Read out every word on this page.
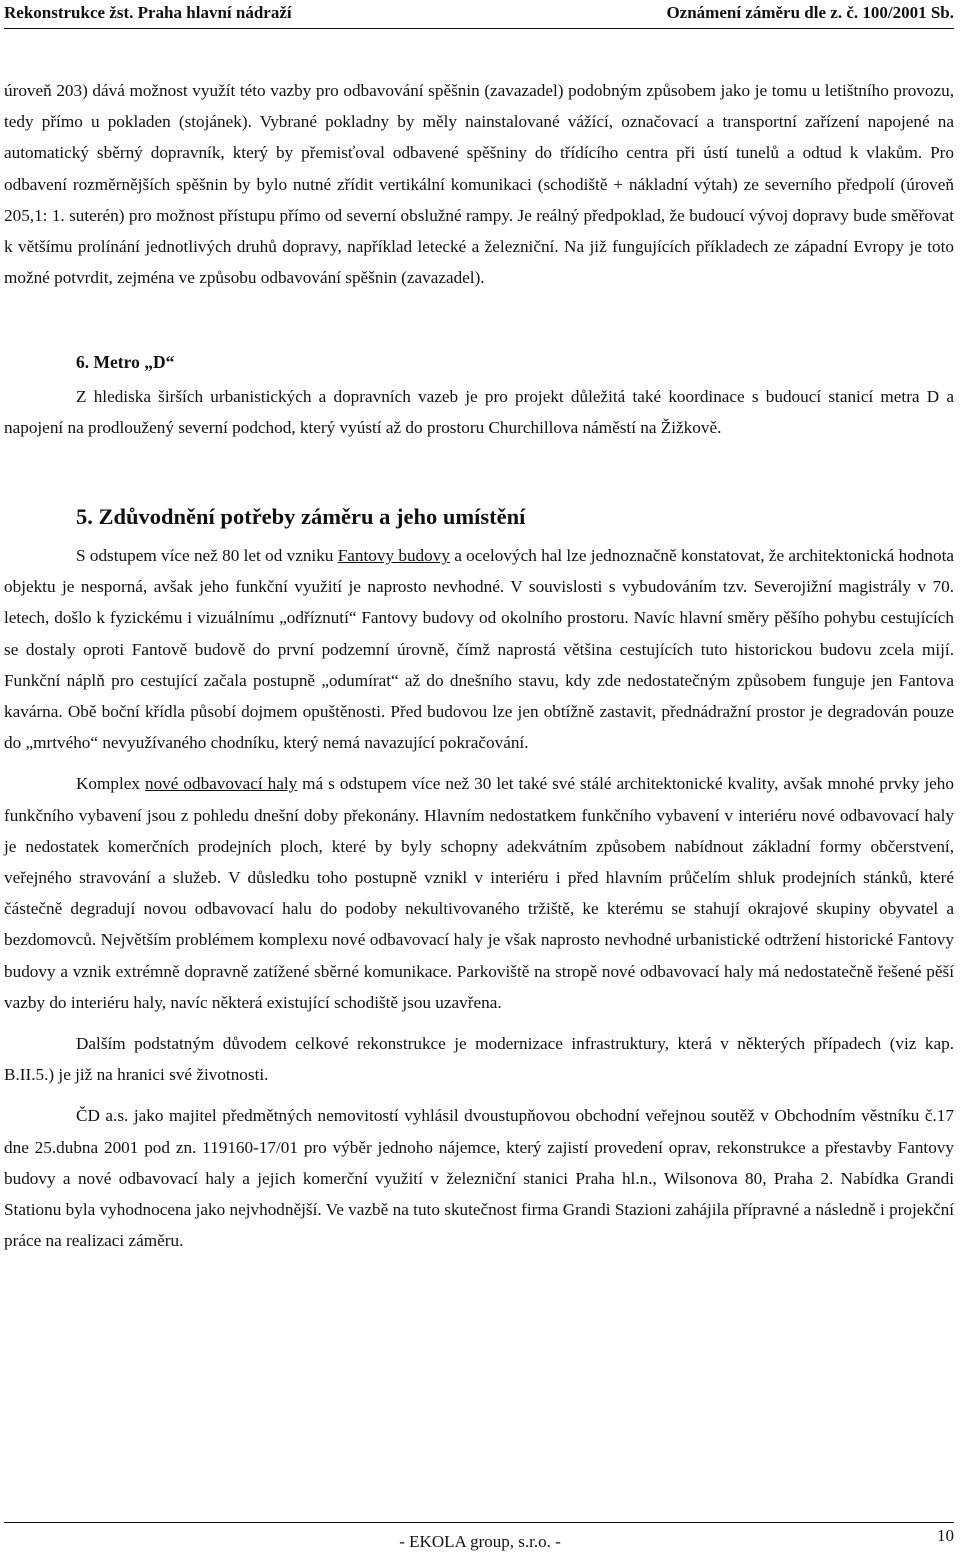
Rekonstrukce žst. Praha hlavní nádraží	Oznámení záměru dle z. č. 100/2001 Sb.

úroveň 203) dává možnost využít této vazby pro odbavování spěšnin (zavazadel) podobným způsobem jako je tomu u letištního provozu, tedy přímo u pokladen (stojánek). Vybrané pokladny by měly nainstalované vážící, označovací a transportní zařízení napojené na automatický sběrný dopravník, který by přemisťoval odbavené spěšniny do třídícího centra při ústí tunelů a odtud k vlakům. Pro odbavení rozměrnějších spěšnin by bylo nutné zřídit vertikální komunikaci (schodiště + nákladní výtah) ze severního předpolí (úroveň 205,1: 1. suterén) pro možnost přístupu přímo od severní obslužné rampy. Je reálný předpoklad, že budoucí vývoj dopravy bude směřovat k většímu prolínání jednotlivých druhů dopravy, například letecké a železniční. Na již fungujících příkladech ze západní Evropy je toto možné potvrdit, zejména ve způsobu odbavování spěšnin (zavazadel).

6. Metro „D“

Z hlediska širších urbanistických a dopravních vazeb je pro projekt důležitá také koordinace s budoucí stanicí metra D a napojení na prodloužený severní podchod, který vyústí až do prostoru Churchillova náměstí na Žižkově.

5. Zdůvodnění potřeby záměru a jeho umístění

S odstupem více než 80 let od vzniku Fantovy budovy a ocelových hal lze jednoznačně konstatovat, že architektonická hodnota objektu je nesporná, avšak jeho funkční využití je naprosto nevhodné. V souvislosti s vybudováním tzv. Severojižní magistrály v 70. letech, došlo k fyzickému i vizuálnímu „odříznutí“ Fantovy budovy od okolního prostoru. Navíc hlavní směry pěšího pohybu cestujících se dostaly oproti Fantově budově do první podzemní úrovně, čímž naprostá většina cestujících tuto historickou budovu zcela mijí. Funkční náplň pro cestující začala postupně „odumírat“ až do dnešního stavu, kdy zde nedostatečným způsobem funguje jen Fantova kavárna. Obě boční křídla působí dojmem opuštěnosti. Před budovou lze jen obtížně zastavit, přednádražní prostor je degradován pouze do „mrtvého“ nevyužívaného chodníku, který nemá navazující pokračování.

Komplex nové odbavovací haly má s odstupem více než 30 let také své stálé architektonické kvality, avšak mnohé prvky jeho funkčního vybavení jsou z pohledu dnešní doby překonány. Hlavním nedostatkem funkčního vybavení v interiéru nové odbavovací haly je nedostatek komerčních prodejních ploch, které by byly schopny adekvátním způsobem nabídnout základní formy občerstvení, veřejného stravování a služeb. V důsledku toho postupně vznikl v interiéru i před hlavním průčelím shluk prodejních stánků, které částečně degradují novou odbavovací halu do podoby nekultivovaného tržiště, ke kterému se stahují okrajové skupiny obyvatel a bezdomovců. Největším problémem komplexu nové odbavovací haly je však naprosto nevhodné urbanistické odtržení historické Fantovy budovy a vznik extrémně dopravně zatížené sběrné komunikace. Parkoviště na stropě nové odbavovací haly má nedostatečně řešené pěší vazby do interiéru haly, navíc některá existující schodiště jsou uzavřena.

Dalším podstatným důvodem celkové rekonstrukce je modernizace infrastruktury, která v některých případech (viz kap. B.II.5.) je již na hranici své životnosti.

ČD a.s. jako majitel předmětných nemovitostí vyhlásil dvoustupňovou obchodní veřejnou soutěž v Obchodním věstníku č.17 dne 25.dubna 2001 pod zn. 119160-17/01 pro výběr jednoho nájemce, který zajistí provedení oprav, rekonstrukce a přestavby Fantovy budovy a nové odbavovací haly a jejich komerční využití v železniční stanici Praha hl.n., Wilsonova 80, Praha 2. Nabídka Grandi Stationu byla vyhodnocena jako nejvhodnější. Ve vazbě na tuto skutečnost firma Grandi Stazioni zahájila přípravné a následně i projekční práce na realizaci záměru.

- EKOLA group, s.r.o. -	10
